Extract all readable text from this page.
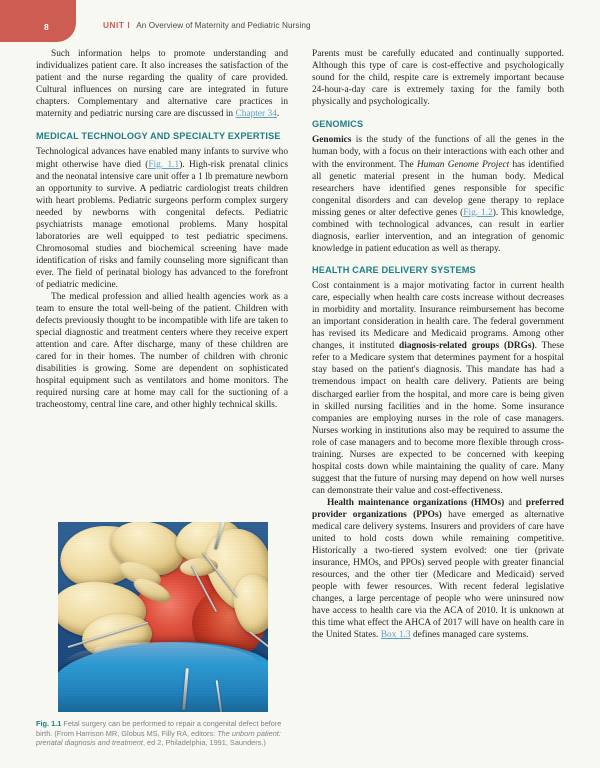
8	UNIT I An Overview of Maternity and Pediatric Nursing

Such information helps to promote understanding and individualizes patient care. It also increases the satisfaction of the patient and the nurse regarding the quality of care provided. Cultural influences on nursing care are integrated in future chapters. Complementary and alternative care practices in maternity and pediatric nursing care are discussed in Chapter 34.

MEDICAL TECHNOLOGY AND SPECIALTY EXPERTISE

Technological advances have enabled many infants to survive who might otherwise have died (Fig. 1.1). High-risk prenatal clinics and the neonatal intensive care unit offer a 1 lb premature newborn an opportunity to survive. A pediatric cardiologist treats children with heart problems. Pediatric surgeons perform complex surgery needed by newborns with congenital defects. Pediatric psychiatrists manage emotional problems. Many hospital laboratories are well equipped to test pediatric specimens. Chromosomal studies and biochemical screening have made identification of risks and family counseling more significant than ever. The field of perinatal biology has advanced to the forefront of pediatric medicine.

The medical profession and allied health agencies work as a team to ensure the total well-being of the patient. Children with defects previously thought to be incompatible with life are taken to special diagnostic and treatment centers where they receive expert attention and care. After discharge, many of these children are cared for in their homes. The number of children with chronic disabilities is growing. Some are dependent on sophisticated hospital equipment such as ventilators and home monitors. The required nursing care at home may call for the suctioning of a tracheostomy, central line care, and other highly technical skills.

Fig. 1.1 Fetal surgery can be performed to repair a congenital defect before birth. (From Harrison MR, Globus MS, Filly RA, editors: The unborn patient: prenatal diagnosis and treatment, ed 2, Philadelphia, 1991, Saunders.)

Parents must be carefully educated and continually supported. Although this type of care is cost-effective and psychologically sound for the child, respite care is extremely important because 24-hour-a-day care is extremely taxing for the family both physically and psychologically.

GENOMICS

Genomics is the study of the functions of all the genes in the human body, with a focus on their interactions with each other and with the environment. The Human Genome Project has identified all genetic material present in the human body. Medical researchers have identified genes responsible for specific congenital disorders and can develop gene therapy to replace missing genes or alter defective genes (Fig. 1.2). This knowledge, combined with technological advances, can result in earlier diagnosis, earlier intervention, and an integration of genomic knowledge in patient education as well as therapy.

HEALTH CARE DELIVERY SYSTEMS

Cost containment is a major motivating factor in current health care, especially when health care costs increase without decreases in morbidity and mortality. Insurance reimbursement has become an important consideration in health care. The federal government has revised its Medicare and Medicaid programs. Among other changes, it instituted diagnosis-related groups (DRGs). These refer to a Medicare system that determines payment for a hospital stay based on the patient's diagnosis. This mandate has had a tremendous impact on health care delivery. Patients are being discharged earlier from the hospital, and more care is being given in skilled nursing facilities and in the home. Some insurance companies are employing nurses in the role of case managers. Nurses working in institutions also may be required to assume the role of case managers and to become more flexible through cross-training. Nurses are expected to be concerned with keeping hospital costs down while maintaining the quality of care. Many suggest that the future of nursing may depend on how well nurses can demonstrate their value and cost-effectiveness.

Health maintenance organizations (HMOs) and preferred provider organizations (PPOs) have emerged as alternative medical care delivery systems. Insurers and providers of care have united to hold costs down while remaining competitive. Historically a two-tiered system evolved: one tier (private insurance, HMOs, and PPOs) served people with greater financial resources, and the other tier (Medicare and Medicaid) served people with fewer resources. With recent federal legislative changes, a large percentage of people who were uninsured now have access to health care via the ACA of 2010. It is unknown at this time what effect the AHCA of 2017 will have on health care in the United States. Box 1.3 defines managed care systems.
